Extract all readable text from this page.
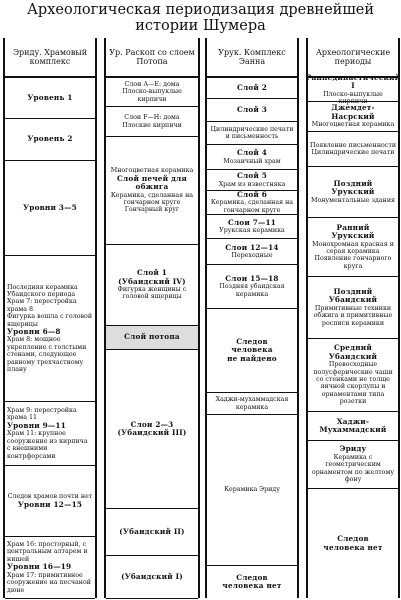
Археологическая периодизация древнейшей
истории Шумера
Эриду. Храмовый комплекс
Уровень 1
Уровень 2
Уровни 3—5
Последняя керамика Убаидского периода
Храм 7: перестройка храма 8
Фигурка вошла с головой ящерицы
Уровни 6—8
Храм 8: мощное укрепление с толстыми стенами, следующее равному трехчастному плану
Храм 9: перестройка храма 11
Уровни 9—11
Храм 11: крупное сооружение из кирпича с внешними контрфорсами
Следов храмов почти нет
Уровни 12—15
Храм 16: просторный, с центральным алтарем и нишей
Уровни 16—19
Храм 17: примитивное сооружение на песчаной дюне
Ур. Раскоп со слоем Потопа
Слои А—Е: дома
Плоско-выпуклые кирпичи
Слои F—H: дома
Плоские кирпичи
Многоцветная керамика
Слой печей для обжига
Керамика, сделанная на гончарном круге
Гончарный круг
Слой 1
(Убаидский IV)
Фигурка женщины с головой ящерицы
Слой потопа
Слои 2—3
(Убаидский III)
(Убаидский II)
(Убаидский I)
Урук. Комплекс Эанна
Слой 2
Слой 3
Цилиндрические печати и письменность
Слой 4
Мозаичный храм
Слой 5
Храм из известняка
Слой 6
Керамика, сделанная на гончарном круге
Слои 7—11
Урукская керамика
Слои 12—14
Переходные
Слои 15—18
Поздняя убаидская керамика
Следов
человека
не найдено
Хаджи-мухаммадская керамика
Керамика Эриду
Следов
человека нет
Археологические периоды
Раннединастический I
Плоско-выпуклые кирпичи
Джемдет-Насрский
Многоцветная керамика
Появление письменности
Цилиндрические печати
Поздний
Урукский
Монументальные здания
Ранний
Урукский
Монохромная красная и серая керамика
Появление гончарного круга
Поздний
Убаидский
Примитивные техники обжига и примитивные росписи керамики
Средний
Убаидский
Превосходные полусферические чаши со стенками не толще яичной скорлупы и орнаментами типа розетки
Хаджи-
Мухаммадский
Эриду
Керамика с геометрическим орнаментом по желтому фону
Следов
человека нет
